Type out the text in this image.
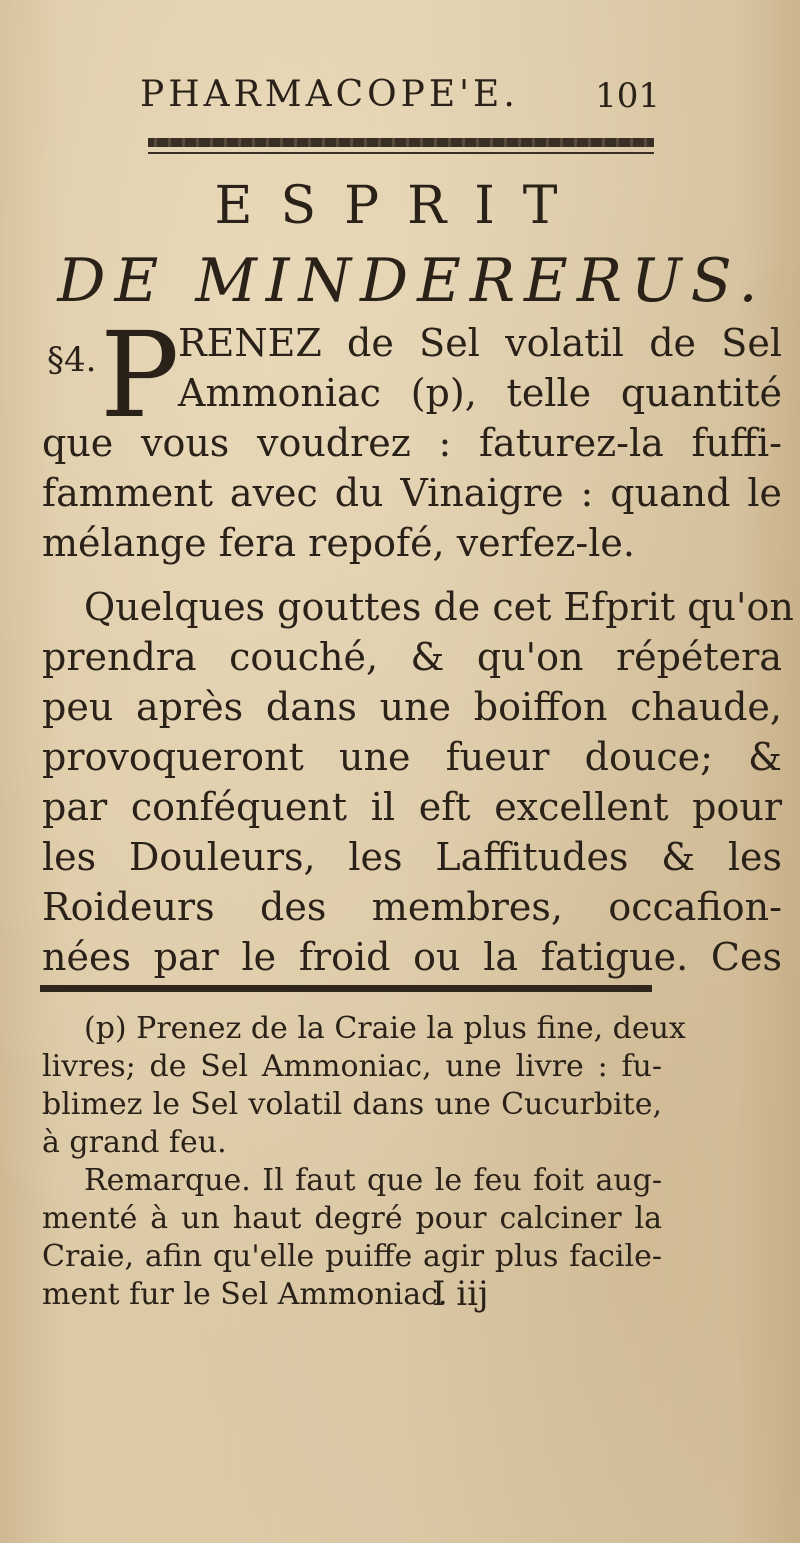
PHARMACOPE'E. 101
ESPRIT
DE MINDERERUS.
§4. P
RENEZ de Sel volatil de Sel
Ammoniac (p), telle quantité
que vous voudrez : faturez-la fuffi-
famment avec du Vinaigre : quand le
mélange fera repofé, verfez-le.
Quelques gouttes de cet Efprit qu'on
prendra couché, & qu'on répétera
peu après dans une boiffon chaude,
provoqueront une fueur douce; &
par conféquent il eft excellent pour
les Douleurs, les Laffitudes & les
Roideurs des membres, occafion-
nées par le froid ou la fatigue. Ces
(p) Prenez de la Craie la plus fine, deux
livres; de Sel Ammoniac, une livre : fu-
blimez le Sel volatil dans une Cucurbite,
à grand feu.
Remarque. Il faut que le feu foit aug-
menté à un haut degré pour calciner la
Craie, afin qu'elle puiffe agir plus facile-
ment fur le Sel Ammoniac.
I iij
